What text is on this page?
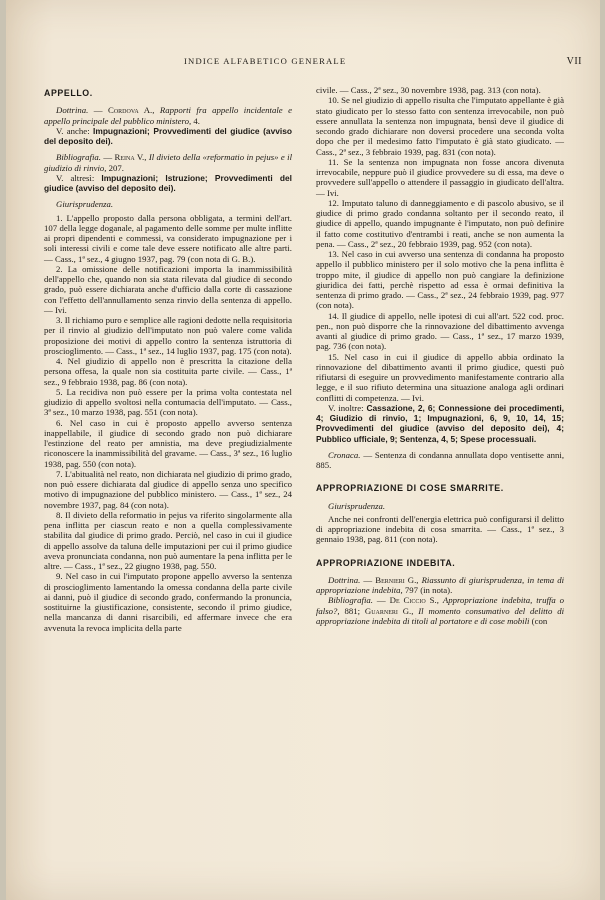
INDICE ALFABETICO GENERALE	VII

APPELLO.

Dottrina. — Cordova A., Rapporti fra appello incidentale e appello principale del pubblico ministero, 4.

V. anche: Impugnazioni; Provvedimenti del giudice (avviso del deposito dei).

Bibliografia. — Reina V., Il divieto della «reformatio in pejus» e il giudizio di rinvio, 207.

V. altresì: Impugnazioni; Istruzione; Provvedimenti del giudice (avviso del deposito dei).

Giurisprudenza.

1. L'appello proposto dalla persona obbligata, a termini dell'art. 107 della legge doganale, al pagamento delle somme per multe inflitte ai propri dipendenti e commessi, va considerato impugnazione per i soli interessi civili e come tale deve essere notificato alle altre parti. — Cass., 1ª sez., 4 giugno 1937, pag. 79 (con nota di G. B.).

2. La omissione delle notificazioni importa la inammissibilità dell'appello che, quando non sia stata rilevata dal giudice di secondo grado, può essere dichiarata anche d'ufficio dalla corte di cassazione con l'effetto dell'annullamento senza rinvio della sentenza di appello. — Ivi.

3. Il richiamo puro e semplice alle ragioni dedotte nella requisitoria per il rinvio al giudizio dell'imputato non può valere come valida proposizione dei motivi di appello contro la sentenza istruttoria di proscioglimento. — Cass., 1ª sez., 14 luglio 1937, pag. 175 (con nota).

4. Nel giudizio di appello non è prescritta la citazione della persona offesa, la quale non sia costituita parte civile. — Cass., 1ª sez., 9 febbraio 1938, pag. 86 (con nota).

5. La recidiva non può essere per la prima volta contestata nel giudizio di appello svoltosi nella contumacia dell'imputato. — Cass., 3ª sez., 10 marzo 1938, pag. 551 (con nota).

6. Nel caso in cui è proposto appello avverso sentenza inappellabile, il giudice di secondo grado non può dichiarare l'estinzione del reato per amnistia, ma deve pregiudizialmente riconoscere la inammissibilità del gravame. — Cass., 3ª sez., 16 luglio 1938, pag. 550 (con nota).

7. L'abitualità nel reato, non dichiarata nel giudizio di primo grado, non può essere dichiarata dal giudice di appello senza uno specifico motivo di impugnazione del pubblico ministero. — Cass., 1ª sez., 24 novembre 1937, pag. 84 (con nota).

8. Il divieto della reformatio in pejus va riferito singolarmente alla pena inflitta per ciascun reato e non a quella complessivamente stabilita dal giudice di primo grado. Perciò, nel caso in cui il giudice di appello assolve da taluna delle imputazioni per cui il primo giudice aveva pronunciata condanna, non può aumentare la pena inflitta per le altre. — Cass., 1ª sez., 22 giugno 1938, pag. 550.

9. Nel caso in cui l'imputato propone appello avverso la sentenza di proscioglimento lamentando la omessa condanna della parte civile ai danni, può il giudice di secondo grado, confermando la pronuncia, sostituirne la giustificazione, consistente, secondo il primo giudice, nella mancanza di danni risarcibili, ed affermare invece che era avvenuta la revoca implicita della parte

civile. — Cass., 2ª sez., 30 novembre 1938, pag. 313 (con nota).

10. Se nel giudizio di appello risulta che l'imputato appellante è già stato giudicato per lo stesso fatto con sentenza irrevocabile, non può essere annullata la sentenza non impugnata, bensì deve il giudice di secondo grado dichiarare non doversi procedere una seconda volta dopo che per il medesimo fatto l'imputato è già stato giudicato. — Cass., 2ª sez., 3 febbraio 1939, pag. 831 (con nota).

11. Se la sentenza non impugnata non fosse ancora divenuta irrevocabile, neppure può il giudice provvedere su di essa, ma deve o provvedere sull'appello o attendere il passaggio in giudicato dell'altra. — Ivi.

12. Imputato taluno di danneggiamento e di pascolo abusivo, se il giudice di primo grado condanna soltanto per il secondo reato, il giudice di appello, quando impugnante è l'imputato, non può definire il fatto come costitutivo d'entrambi i reati, anche se non aumenta la pena. — Cass., 2ª sez., 20 febbraio 1939, pag. 952 (con nota).

13. Nel caso in cui avverso una sentenza di condanna ha proposto appello il pubblico ministero per il solo motivo che la pena inflitta è troppo mite, il giudice di appello non può cangiare la definizione giuridica dei fatti, perchè rispetto ad essa è ormai definitiva la sentenza di primo grado. — Cass., 2ª sez., 24 febbraio 1939, pag. 977 (con nota).

14. Il giudice di appello, nelle ipotesi di cui all'art. 522 cod. proc. pen., non può disporre che la rinnovazione del dibattimento avvenga avanti al giudice di primo grado. — Cass., 1ª sez., 17 marzo 1939, pag. 736 (con nota).

15. Nel caso in cui il giudice di appello abbia ordinato la rinnovazione del dibattimento avanti il primo giudice, questi può rifiutarsi di eseguire un provvedimento manifestamente contrario alla legge, e il suo rifiuto determina una situazione analoga agli ordinari conflitti di competenza. — Ivi.

V. inoltre: Cassazione, 2, 6; Connessione dei procedimenti, 4; Giudizio di rinvio, 1; Impugnazioni, 6, 9, 10, 14, 15; Provvedimenti del giudice (avviso del deposito dei), 4; Pubblico ufficiale, 9; Sentenza, 4, 5; Spese processuali.

Cronaca. — Sentenza di condanna annullata dopo ventisette anni, 885.

APPROPRIAZIONE DI COSE SMARRITE.

Giurisprudenza.

Anche nei confronti dell'energia elettrica può configurarsi il delitto di appropriazione indebita di cosa smarrita. — Cass., 1ª sez., 3 gennaio 1938, pag. 811 (con nota).

APPROPRIAZIONE INDEBITA.

Dottrina. — Bernieri G., Riassunto di giurisprudenza, in tema di appropriazione indebita, 797 (in nota).

Bibliografia. — De Ciccio S., Appropriazione indebita, truffa o falso?, 881; Guarneri G., Il momento consumativo del delitto di appropriazione indebita di titoli al portatore e di cose mobili (con
